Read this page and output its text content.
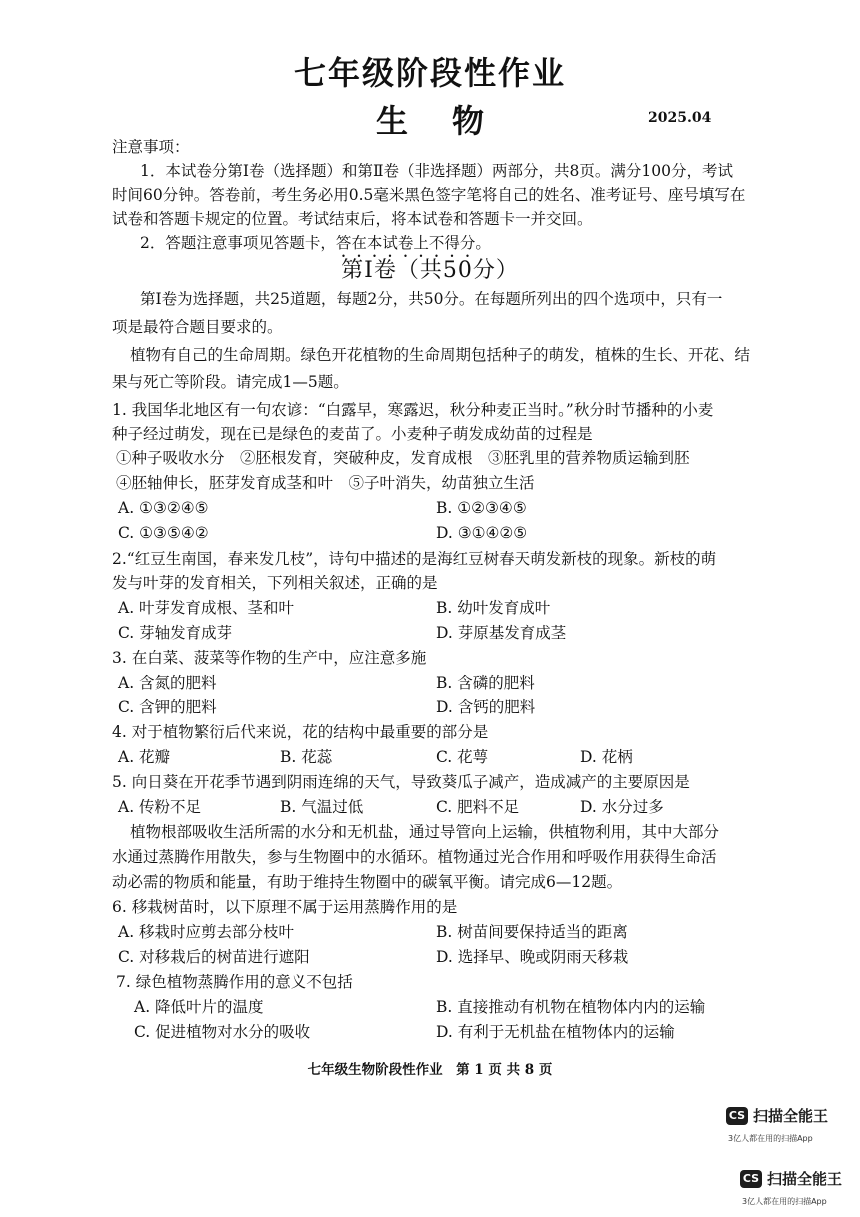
七年级阶段性作业
生物	2025.04
注意事项：
1．本试卷分第Ⅰ卷（选择题）和第Ⅱ卷（非选择题）两部分，共8页。满分100分，考试
时间60分钟。答卷前，考生务必用0.5毫米黑色签字笔将自己的姓名、准考证号、座号填写在
试卷和答题卡规定的位置。考试结束后，将本试卷和答题卡一并交回。
2．答题注意事项见答题卡，答在本试卷上不得分。
第Ⅰ卷（共50分）
第Ⅰ卷为选择题，共25道题，每题2分，共50分。在每题所列出的四个选项中，只有一
项是最符合题目要求的。
植物有自己的生命周期。绿色开花植物的生命周期包括种子的萌发，植株的生长、开花、结
果与死亡等阶段。请完成1—5题。
1. 我国华北地区有一句农谚：“白露早，寒露迟，秋分种麦正当时。”秋分时节播种的小麦
种子经过萌发，现在已是绿色的麦苗了。小麦种子萌发成幼苗的过程是
①种子吸收水分　②胚根发育，突破种皮，发育成根　③胚乳里的营养物质运输到胚
④胚轴伸长，胚芽发育成茎和叶　⑤子叶消失，幼苗独立生活
A. ①③②④⑤	B. ①②③④⑤
C. ①③⑤④②	D. ③①④②⑤
2.“红豆生南国，春来发几枝”，诗句中描述的是海红豆树春天萌发新枝的现象。新枝的萌
发与叶芽的发育相关，下列相关叙述，正确的是
A. 叶芽发育成根、茎和叶	B. 幼叶发育成叶
C. 芽轴发育成芽	D. 芽原基发育成茎
3. 在白菜、菠菜等作物的生产中，应注意多施
A. 含氮的肥料	B. 含磷的肥料
C. 含钾的肥料	D. 含钙的肥料
4. 对于植物繁衍后代来说，花的结构中最重要的部分是
A. 花瓣	B. 花蕊	C. 花萼	D. 花柄
5. 向日葵在开花季节遇到阴雨连绵的天气，导致葵瓜子减产，造成减产的主要原因是
A. 传粉不足	B. 气温过低	C. 肥料不足	D. 水分过多
植物根部吸收生活所需的水分和无机盐，通过导管向上运输，供植物利用，其中大部分
水通过蒸腾作用散失，参与生物圈中的水循环。植物通过光合作用和呼吸作用获得生命活
动必需的物质和能量，有助于维持生物圈中的碳氧平衡。请完成6—12题。
6. 移栽树苗时，以下原理不属于运用蒸腾作用的是
A. 移栽时应剪去部分枝叶	B. 树苗间要保持适当的距离
C. 对移栽后的树苗进行遮阳	D. 选择早、晚或阴雨天移栽
7. 绿色植物蒸腾作用的意义不包括
A. 降低叶片的温度	B. 直接推动有机物在植物体内内的运输
C. 促进植物对水分的吸收	D. 有利于无机盐在植物体内的运输
七年级生物阶段性作业　第 1 页 共 8 页
CS 扫描全能王
3亿人都在用的扫描App
CS 扫描全能王
3亿人都在用的扫描App
